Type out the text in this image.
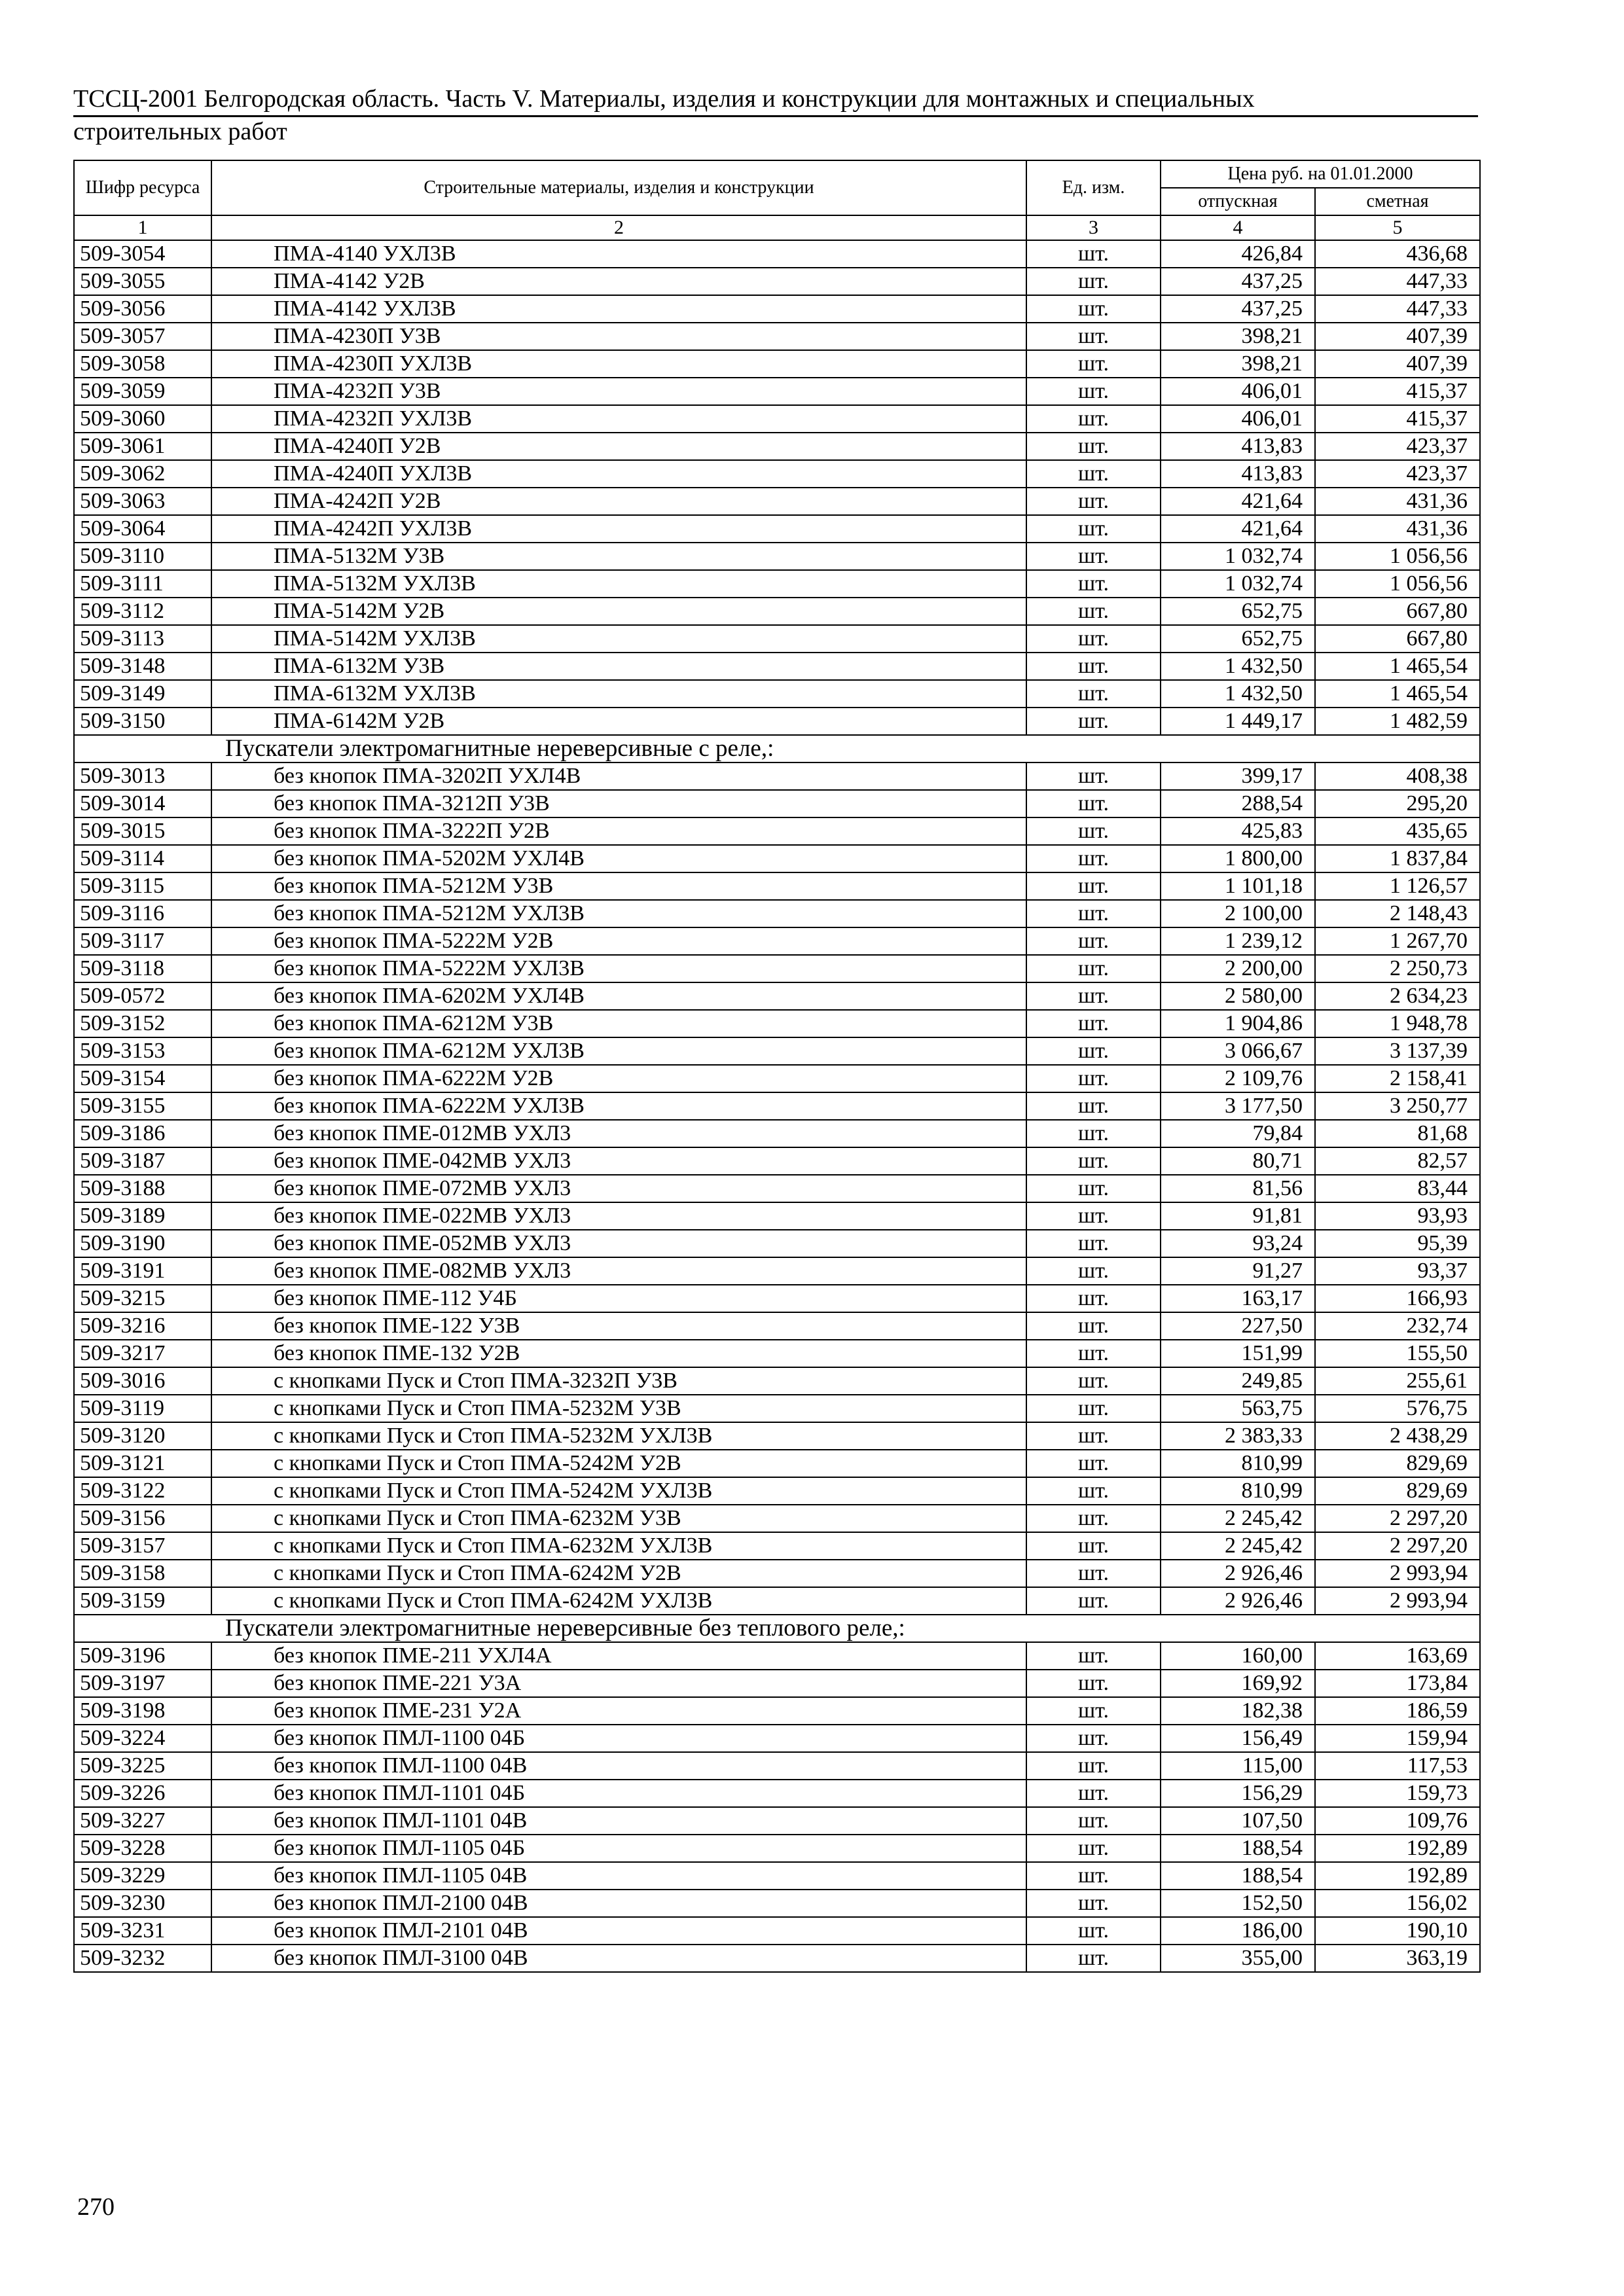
ТССЦ-2001 Белгородская область. Часть V. Материалы, изделия и конструкции для монтажных и специальных
строительных работ
Шифр ресурса	Строительные материалы, изделия и конструкции	Ед. изм.	Цена руб. на 01.01.2000	
			отпускная	сметная
1	2	3	4	5
509-3054	ПМА-4140 УХЛ3В	шт.	426,84	436,68
509-3055	ПМА-4142 У2В	шт.	437,25	447,33
509-3056	ПМА-4142 УХЛ3В	шт.	437,25	447,33
509-3057	ПМА-4230П У3В	шт.	398,21	407,39
509-3058	ПМА-4230П УХЛ3В	шт.	398,21	407,39
509-3059	ПМА-4232П У3В	шт.	406,01	415,37
509-3060	ПМА-4232П УХЛ3В	шт.	406,01	415,37
509-3061	ПМА-4240П У2В	шт.	413,83	423,37
509-3062	ПМА-4240П УХЛ3В	шт.	413,83	423,37
509-3063	ПМА-4242П У2В	шт.	421,64	431,36
509-3064	ПМА-4242П УХЛ3В	шт.	421,64	431,36
509-3110	ПМА-5132М У3В	шт.	1 032,74	1 056,56
509-3111	ПМА-5132М УХЛ3В	шт.	1 032,74	1 056,56
509-3112	ПМА-5142М У2В	шт.	652,75	667,80
509-3113	ПМА-5142М УХЛ3В	шт.	652,75	667,80
509-3148	ПМА-6132М У3В	шт.	1 432,50	1 465,54
509-3149	ПМА-6132М УХЛ3В	шт.	1 432,50	1 465,54
509-3150	ПМА-6142М У2В	шт.	1 449,17	1 482,59
Пускатели электромагнитные нереверсивные с реле,:				
509-3013	без кнопок ПМА-3202П УХЛ4В	шт.	399,17	408,38
509-3014	без кнопок ПМА-3212П У3В	шт.	288,54	295,20
509-3015	без кнопок ПМА-3222П У2В	шт.	425,83	435,65
509-3114	без кнопок ПМА-5202М УХЛ4В	шт.	1 800,00	1 837,84
509-3115	без кнопок ПМА-5212М У3В	шт.	1 101,18	1 126,57
509-3116	без кнопок ПМА-5212М УХЛ3В	шт.	2 100,00	2 148,43
509-3117	без кнопок ПМА-5222М У2В	шт.	1 239,12	1 267,70
509-3118	без кнопок ПМА-5222М УХЛ3В	шт.	2 200,00	2 250,73
509-0572	без кнопок ПМА-6202М УХЛ4В	шт.	2 580,00	2 634,23
509-3152	без кнопок ПМА-6212М У3В	шт.	1 904,86	1 948,78
509-3153	без кнопок ПМА-6212М УХЛ3В	шт.	3 066,67	3 137,39
509-3154	без кнопок ПМА-6222М У2В	шт.	2 109,76	2 158,41
509-3155	без кнопок ПМА-6222М УХЛ3В	шт.	3 177,50	3 250,77
509-3186	без кнопок ПМЕ-012МВ УХЛ3	шт.	79,84	81,68
509-3187	без кнопок ПМЕ-042МВ УХЛ3	шт.	80,71	82,57
509-3188	без кнопок ПМЕ-072МВ УХЛ3	шт.	81,56	83,44
509-3189	без кнопок ПМЕ-022МВ УХЛ3	шт.	91,81	93,93
509-3190	без кнопок ПМЕ-052МВ УХЛ3	шт.	93,24	95,39
509-3191	без кнопок ПМЕ-082МВ УХЛ3	шт.	91,27	93,37
509-3215	без кнопок ПМЕ-112 У4Б	шт.	163,17	166,93
509-3216	без кнопок ПМЕ-122 У3В	шт.	227,50	232,74
509-3217	без кнопок ПМЕ-132 У2В	шт.	151,99	155,50
509-3016	с кнопками Пуск и Стоп ПМА-3232П У3В	шт.	249,85	255,61
509-3119	с кнопками Пуск и Стоп ПМА-5232М У3В	шт.	563,75	576,75
509-3120	с кнопками Пуск и Стоп ПМА-5232М УХЛ3В	шт.	2 383,33	2 438,29
509-3121	с кнопками Пуск и Стоп ПМА-5242М У2В	шт.	810,99	829,69
509-3122	с кнопками Пуск и Стоп ПМА-5242М УХЛ3В	шт.	810,99	829,69
509-3156	с кнопками Пуск и Стоп ПМА-6232М У3В	шт.	2 245,42	2 297,20
509-3157	с кнопками Пуск и Стоп ПМА-6232М УХЛ3В	шт.	2 245,42	2 297,20
509-3158	с кнопками Пуск и Стоп ПМА-6242М У2В	шт.	2 926,46	2 993,94
509-3159	с кнопками Пуск и Стоп ПМА-6242М УХЛ3В	шт.	2 926,46	2 993,94
Пускатели электромагнитные нереверсивные без теплового реле,:				
509-3196	без кнопок ПМЕ-211 УХЛ4А	шт.	160,00	163,69
509-3197	без кнопок ПМЕ-221 У3А	шт.	169,92	173,84
509-3198	без кнопок ПМЕ-231 У2А	шт.	182,38	186,59
509-3224	без кнопок ПМЛ-1100 04Б	шт.	156,49	159,94
509-3225	без кнопок ПМЛ-1100 04В	шт.	115,00	117,53
509-3226	без кнопок ПМЛ-1101 04Б	шт.	156,29	159,73
509-3227	без кнопок ПМЛ-1101 04В	шт.	107,50	109,76
509-3228	без кнопок ПМЛ-1105 04Б	шт.	188,54	192,89
509-3229	без кнопок ПМЛ-1105 04В	шт.	188,54	192,89
509-3230	без кнопок ПМЛ-2100 04В	шт.	152,50	156,02
509-3231	без кнопок ПМЛ-2101 04В	шт.	186,00	190,10
509-3232	без кнопок ПМЛ-3100 04В	шт.	355,00	363,19
270
